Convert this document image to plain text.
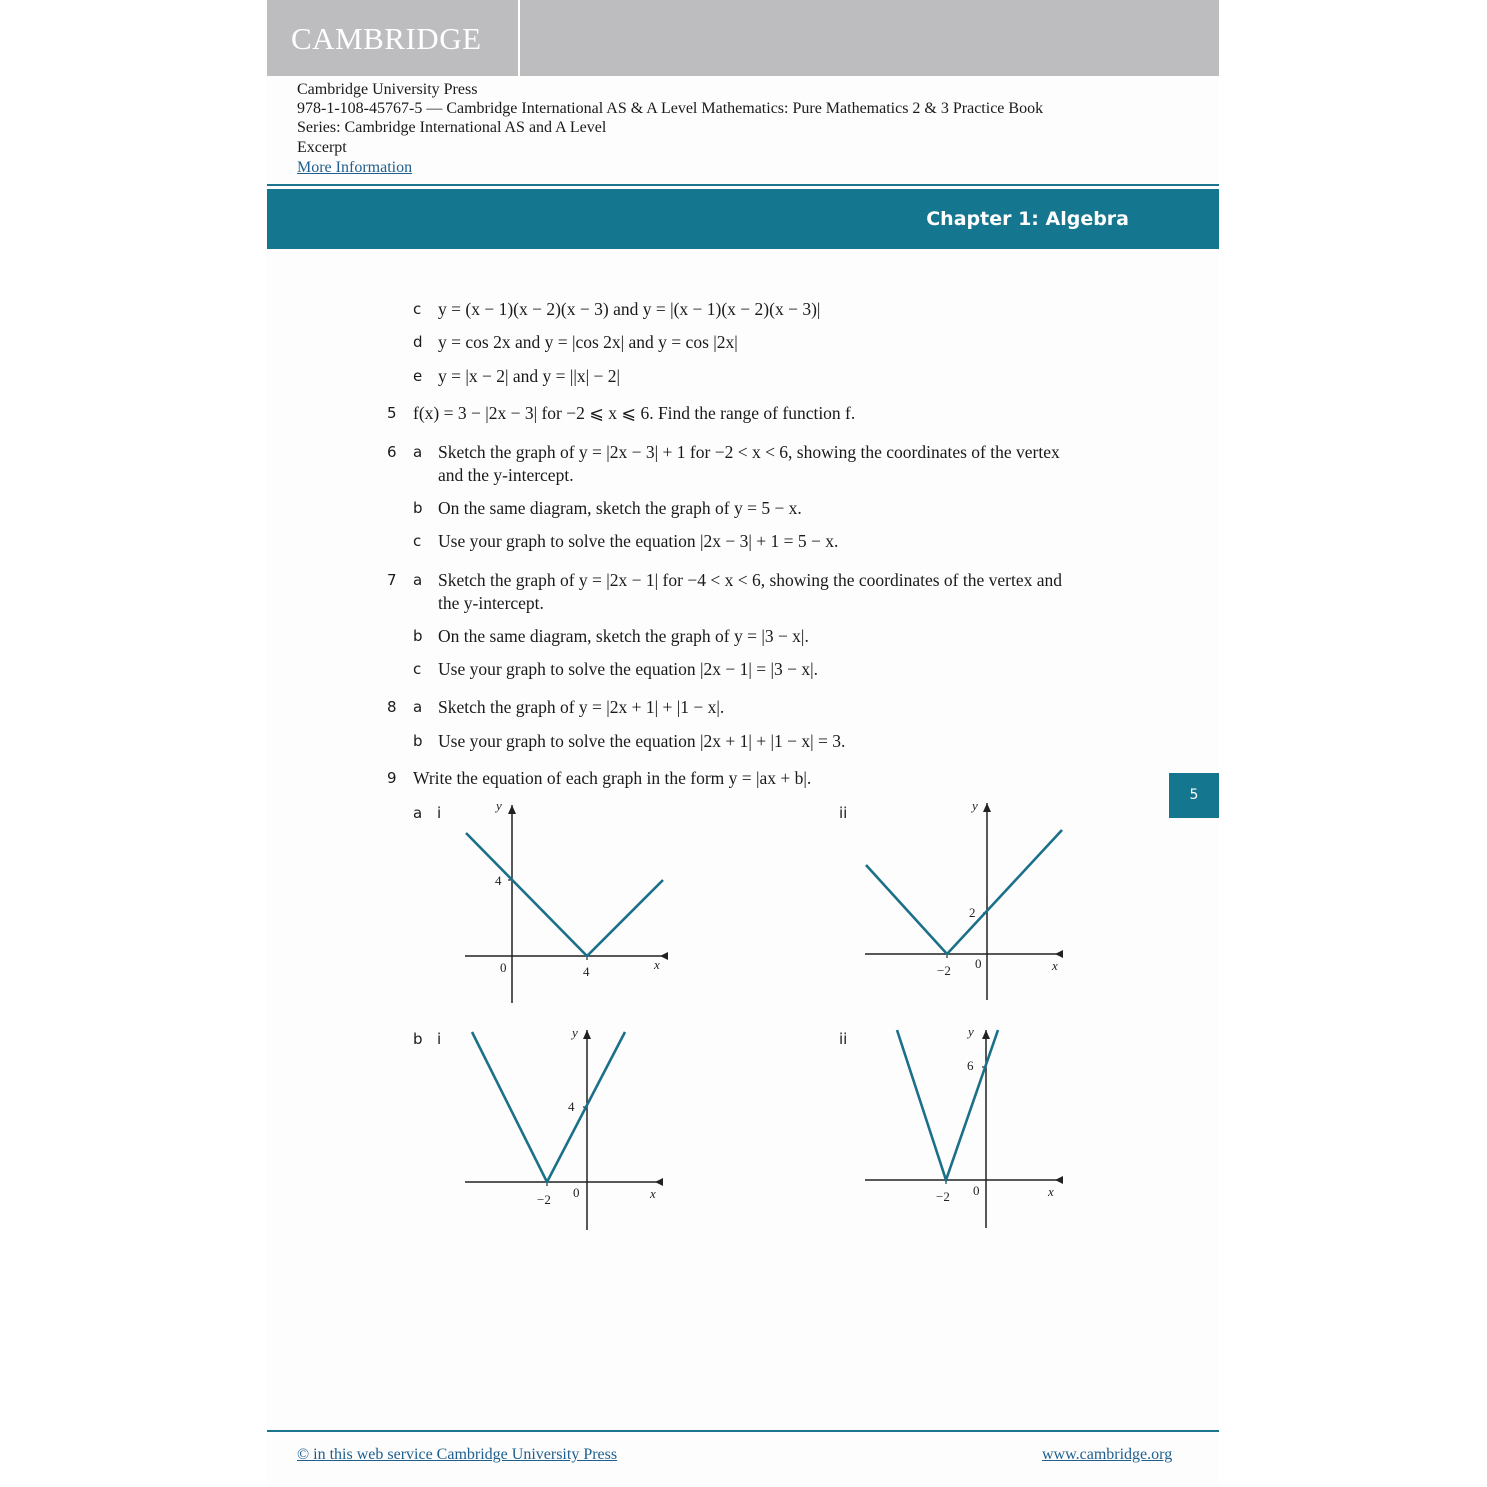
CAMBRIDGE
Cambridge University Press
978-1-108-45767-5 — Cambridge International AS & A Level Mathematics: Pure Mathematics 2 & 3 Practice Book
Series: Cambridge International AS and A Level
Excerpt
More Information
Chapter 1: Algebra
5
c y = (x − 1)(x − 2)(x − 3) and y = |(x − 1)(x − 2)(x − 3)|
d y = cos 2x and y = |cos 2x| and y = cos |2x|
e y = |x − 2| and y = ||x| − 2|
5 f(x) = 3 − |2x − 3| for −2 ⩽ x ⩽ 6. Find the range of function f.
6 a Sketch the graph of y = |2x − 3| + 1 for −2 < x < 6, showing the coordinates of the vertex
and the y-intercept.
b On the same diagram, sketch the graph of y = 5 − x.
c Use your graph to solve the equation |2x − 3| + 1 = 5 − x.
7 a Sketch the graph of y = |2x − 1| for −4 < x < 6, showing the coordinates of the vertex and
the y-intercept.
b On the same diagram, sketch the graph of y = |3 − x|.
c Use your graph to solve the equation |2x − 1| = |3 − x|.
8 a Sketch the graph of y = |2x + 1| + |1 − x|.
b Use your graph to solve the equation |2x + 1| + |1 − x| = 3.
9 Write the equation of each graph in the form y = |ax + b|.
a i	ii
b i	ii
y
4
0	4	x
y
2
0
−2	x
y
4
0
−2	x
y
6
0
−2	x
© in this web service Cambridge University Press	www.cambridge.org
